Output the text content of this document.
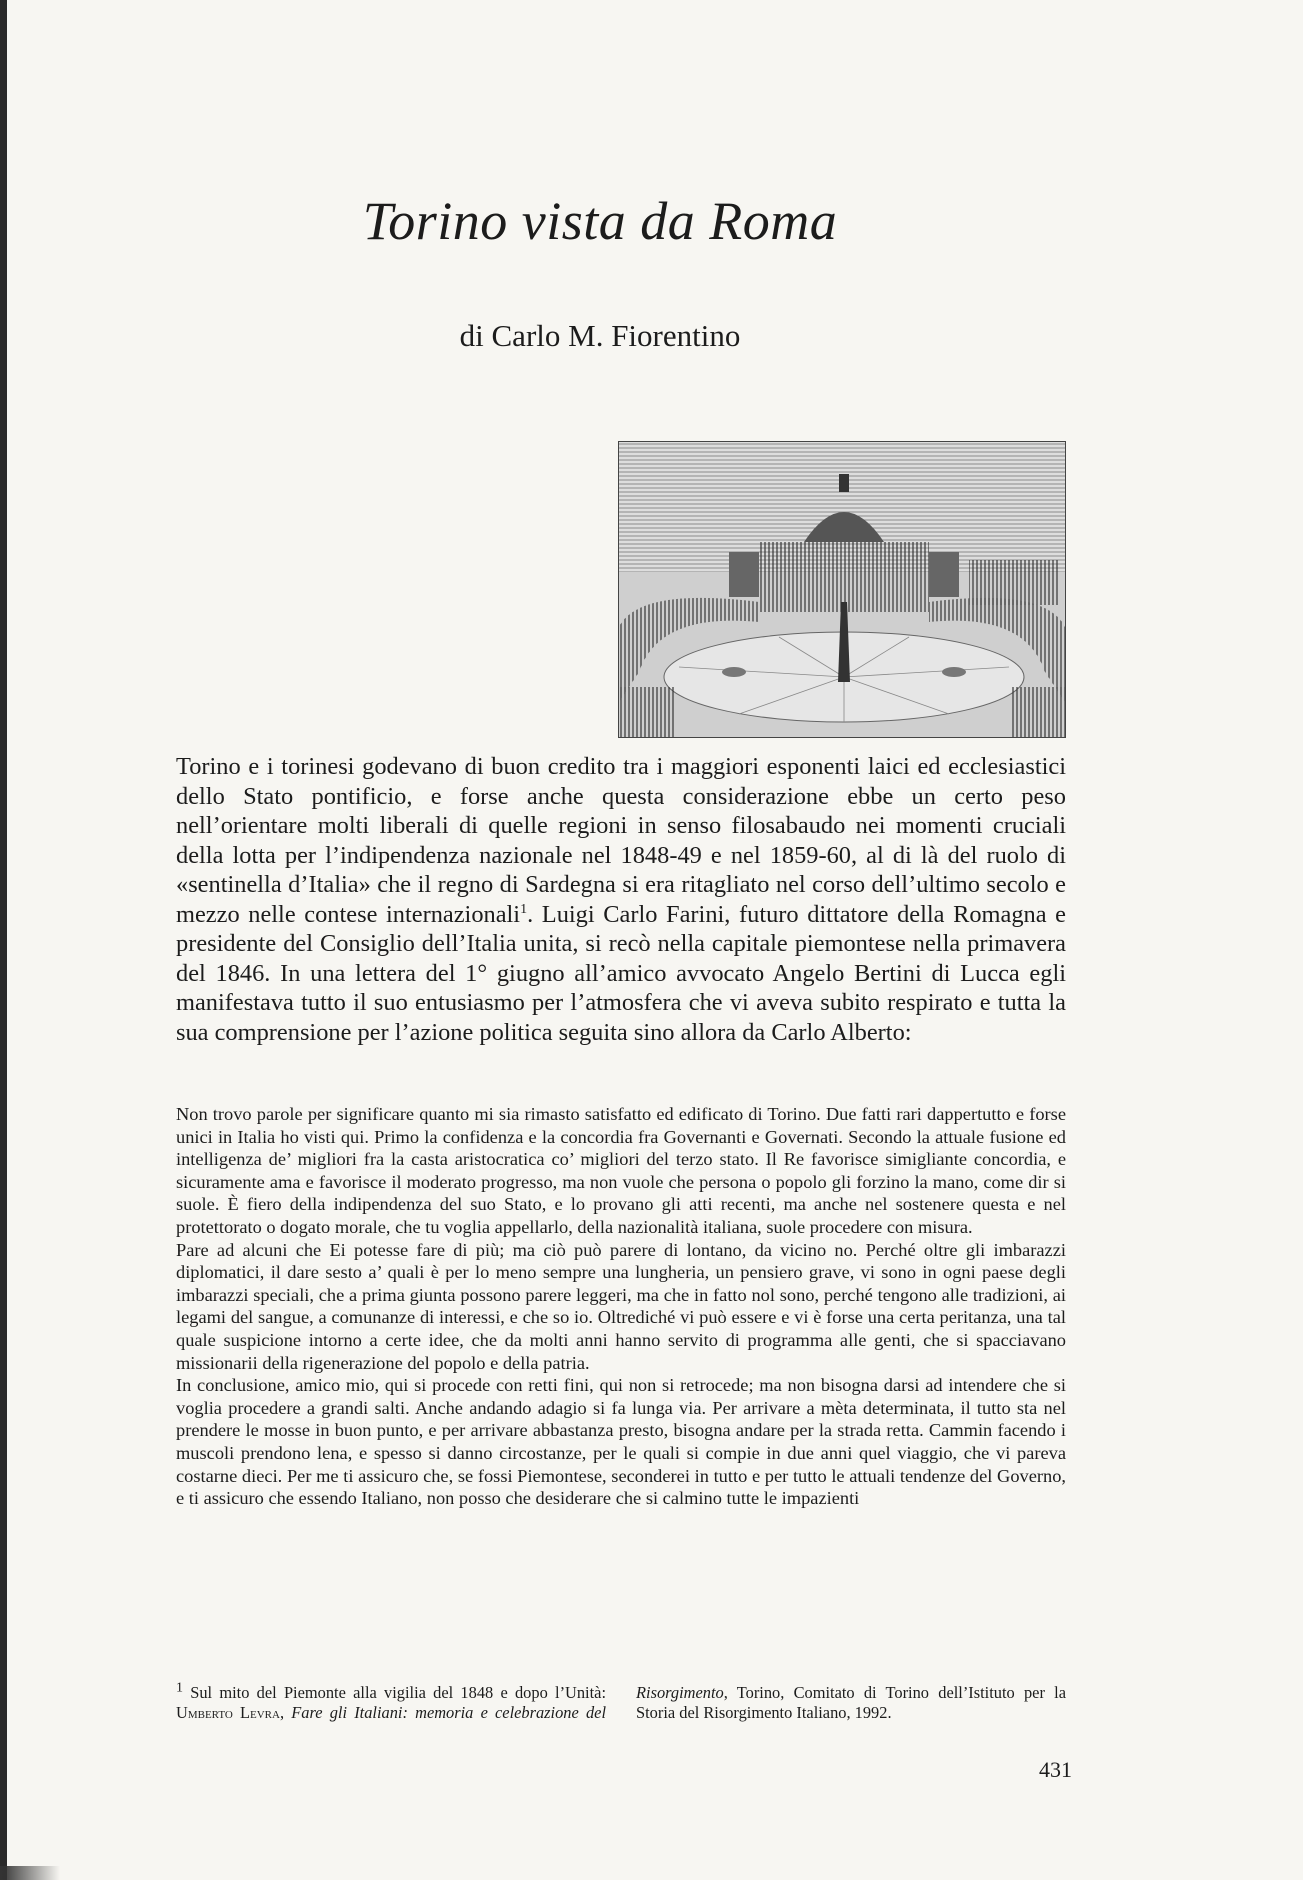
Torino vista da Roma

di Carlo M. Fiorentino

Torino e i torinesi godevano di buon credito tra i maggiori esponenti laici ed ecclesiastici dello Stato pontificio, e forse anche questa considerazione ebbe un certo peso nell’orientare molti liberali di quelle regioni in senso filosabaudo nei momenti cruciali della lotta per l’indipendenza nazionale nel 1848-49 e nel 1859-60, al di là del ruolo di «sentinella d’Italia» che il regno di Sardegna si era ritagliato nel corso dell’ultimo secolo e mezzo nelle contese internazionali$^1$. Luigi Carlo Farini, futuro dittatore della Romagna e presidente del Consiglio dell’Italia unita, si recò nella capitale piemontese nella primavera del 1846. In una lettera del 1° giugno all’amico avvocato Angelo Bertini di Lucca egli manifestava tutto il suo entusiasmo per l’atmosfera che vi aveva subito respirato e tutta la sua comprensione per l’azione politica seguita sino allora da Carlo Alberto:

Non trovo parole per significare quanto mi sia rimasto satisfatto ed edificato di Torino. Due fatti rari dappertutto e forse unici in Italia ho visti qui. Primo la confidenza e la concordia fra Governanti e Governati. Secondo la attuale fusione ed intelligenza de’ migliori fra la casta aristocratica co’ migliori del terzo stato. Il Re favorisce simigliante concordia, e sicuramente ama e favorisce il moderato progresso, ma non vuole che persona o popolo gli forzino la mano, come dir si suole. È fiero della indipendenza del suo Stato, e lo provano gli atti recenti, ma anche nel sostenere questa e nel protettorato o dogato morale, che tu voglia appellarlo, della nazionalità italiana, suole procedere con misura.

Pare ad alcuni che Ei potesse fare di più; ma ciò può parere di lontano, da vicino no. Perché oltre gli imbarazzi diplomatici, il dare sesto a’ quali è per lo meno sempre una lungheria, un pensiero grave, vi sono in ogni paese degli imbarazzi speciali, che a prima giunta possono parere leggeri, ma che in fatto nol sono, perché tengono alle tradizioni, ai legami del sangue, a comunanze di interessi, e che so io. Oltrediché vi può essere e vi è forse una certa peritanza, una tal quale suspicione intorno a certe idee, che da molti anni hanno servito di programma alle genti, che si spacciavano missionarii della rigenerazione del popolo e della patria.

In conclusione, amico mio, qui si procede con retti fini, qui non si retrocede; ma non bisogna darsi ad intendere che si voglia procedere a grandi salti. Anche andando adagio si fa lunga via. Per arrivare a mèta determinata, il tutto sta nel prendere le mosse in buon punto, e per arrivare abbastanza presto, bisogna andare per la strada retta. Cammin facendo i muscoli prendono lena, e spesso si danno circostanze, per le quali si compie in due anni quel viaggio, che vi pareva costarne dieci. Per me ti assicuro che, se fossi Piemontese, seconderei in tutto e per tutto le attuali tendenze del Governo, e ti assicuro che essendo Italiano, non posso che desiderare che si calmino tutte le impazienti

$^1$ Sul mito del Piemonte alla vigilia del 1848 e dopo l’Unità: Umberto Levra, Fare gli Italiani: memoria e celebrazione del Risorgimento, Torino, Comitato di Torino dell’Istituto per la Storia del Risorgimento Italiano, 1992.

431
